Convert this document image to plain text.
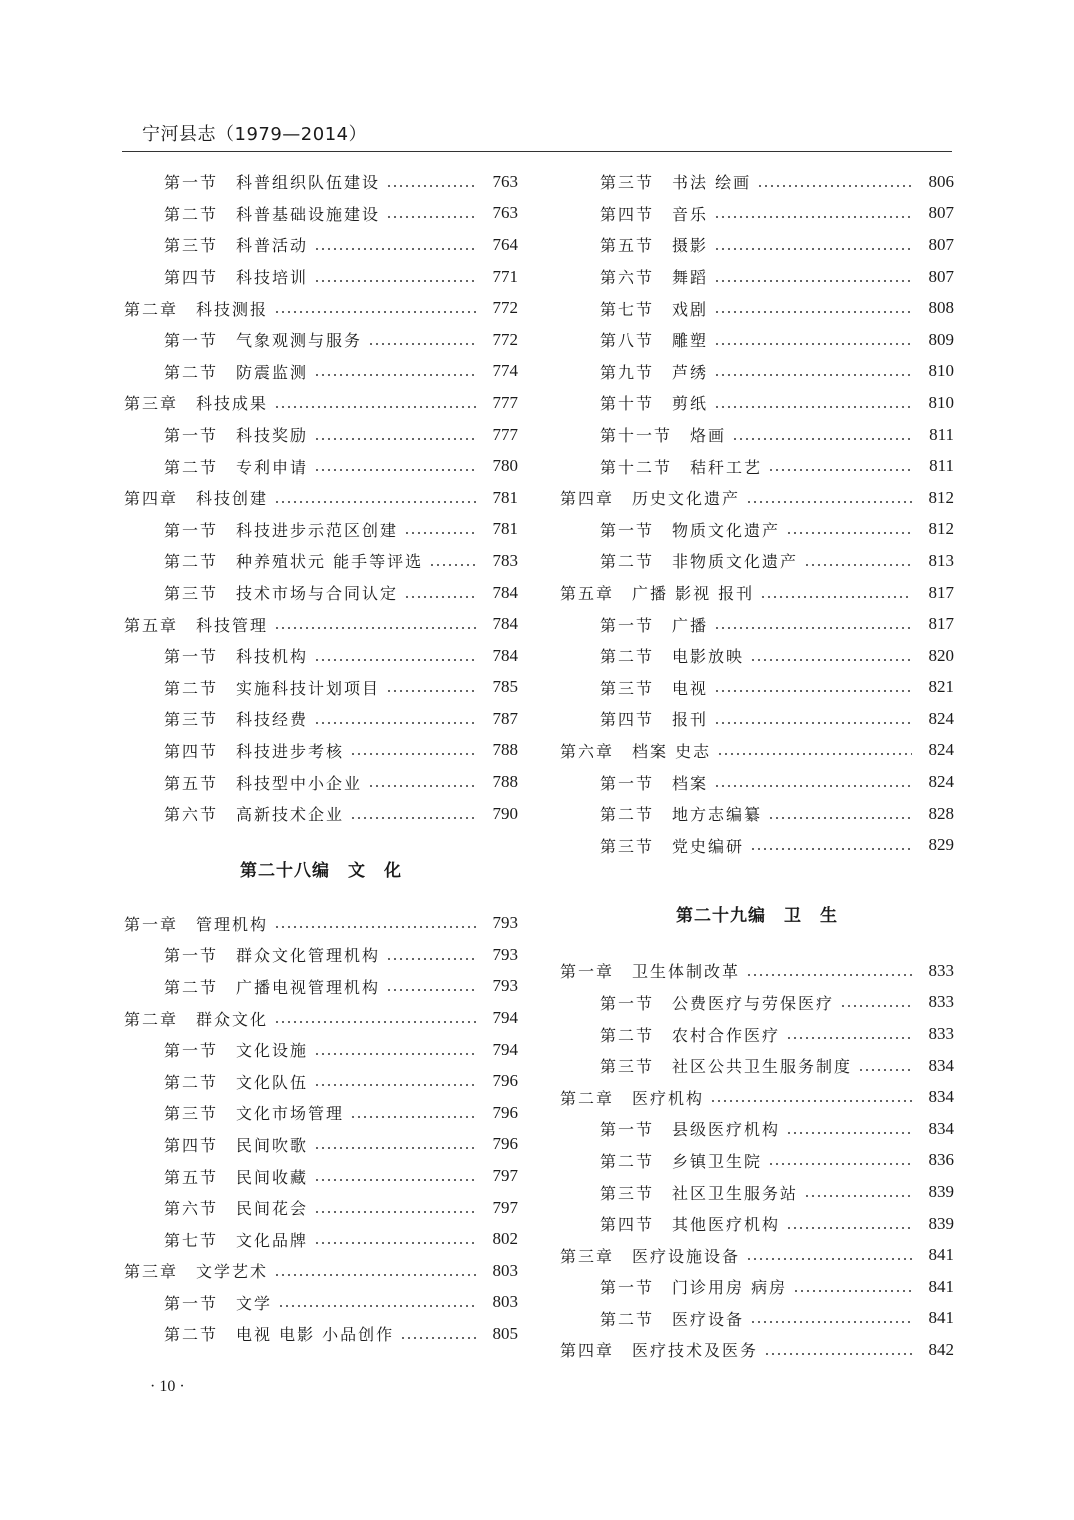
宁河县志（1979—2014）
第一节　科普组织队伍建设	763
第二节　科普基础设施建设	763
第三节　科普活动	764
第四节　科技培训	771
第二章　科技测报	772
第一节　气象观测与服务	772
第二节　防震监测	774
第三章　科技成果	777
第一节　科技奖励	777
第二节　专利申请	780
第四章　科技创建	781
第一节　科技进步示范区创建	781
第二节　种养殖状元 能手等评选	783
第三节　技术市场与合同认定	784
第五章　科技管理	784
第一节　科技机构	784
第二节　实施科技计划项目	785
第三节　科技经费	787
第四节　科技进步考核	788
第五节　科技型中小企业	788
第六节　高新技术企业	790
第二十八编　文　化
第一章　管理机构	793
第一节　群众文化管理机构	793
第二节　广播电视管理机构	793
第二章　群众文化	794
第一节　文化设施	794
第二节　文化队伍	796
第三节　文化市场管理	796
第四节　民间吹歌	796
第五节　民间收藏	797
第六节　民间花会	797
第七节　文化品牌	802
第三章　文学艺术	803
第一节　文学	803
第二节　电视 电影 小品创作	805
第三节　书法 绘画	806
第四节　音乐	807
第五节　摄影	807
第六节　舞蹈	807
第七节　戏剧	808
第八节　雕塑	809
第九节　芦绣	810
第十节　剪纸	810
第十一节　烙画	811
第十二节　秸秆工艺	811
第四章　历史文化遗产	812
第一节　物质文化遗产	812
第二节　非物质文化遗产	813
第五章　广播 影视 报刊	817
第一节　广播	817
第二节　电影放映	820
第三节　电视	821
第四节　报刊	824
第六章　档案 史志	824
第一节　档案	824
第二节　地方志编纂	828
第三节　党史编研	829
第二十九编　卫　生
第一章　卫生体制改革	833
第一节　公费医疗与劳保医疗	833
第二节　农村合作医疗	833
第三节　社区公共卫生服务制度	834
第二章　医疗机构	834
第一节　县级医疗机构	834
第二节　乡镇卫生院	836
第三节　社区卫生服务站	839
第四节　其他医疗机构	839
第三章　医疗设施设备	841
第一节　门诊用房 病房	841
第二节　医疗设备	841
第四章　医疗技术及医务	842
· 10 ·
